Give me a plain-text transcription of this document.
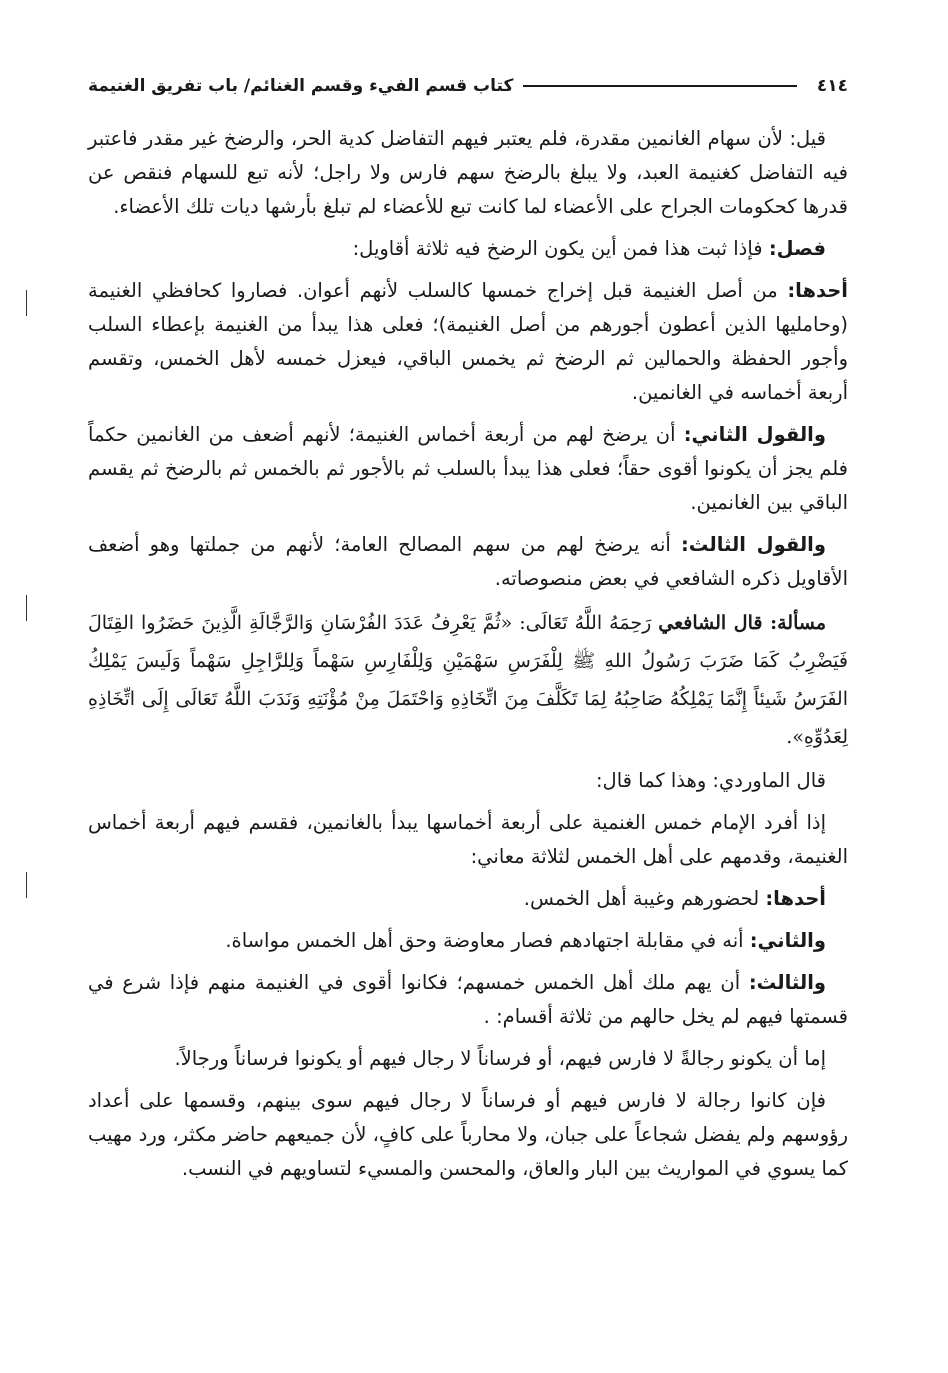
٤١٤
كتاب قسم الفيء وقسم الغنائم/ باب تفريق الغنيمة

قيل: لأن سهام الغانمين مقدرة، فلم يعتبر فيهم التفاضل كدية الحر، والرضخ غير مقدر فاعتبر فيه التفاضل كغنيمة العبد، ولا يبلغ بالرضخ سهم فارس ولا راجل؛ لأنه تبع للسهام فنقص عن قدرها كحكومات الجراح على الأعضاء لما كانت تبع للأعضاء لم تبلغ بأرشها ديات تلك الأعضاء.

فصل: فإذا ثبت هذا فمن أين يكون الرضخ فيه ثلاثة أقاويل:

أحدها: من أصل الغنيمة قبل إخراج خمسها كالسلب لأنهم أعوان. فصاروا كحافظي الغنيمة (وحامليها الذين أعطون أجورهم من أصل الغنيمة)؛ فعلى هذا يبدأ من الغنيمة بإعطاء السلب وأجور الحفظة والحمالين ثم الرضخ ثم يخمس الباقي، فيعزل خمسه لأهل الخمس، وتقسم أربعة أخماسه في الغانمين.

والقول الثاني: أن يرضخ لهم من أربعة أخماس الغنيمة؛ لأنهم أضعف من الغانمين حكماً فلم يجز أن يكونوا أقوى حقاً؛ فعلى هذا يبدأ بالسلب ثم بالأجور ثم بالخمس ثم بالرضخ ثم يقسم الباقي بين الغانمين.

والقول الثالث: أنه يرضخ لهم من سهم المصالح العامة؛ لأنهم من جملتها وهو أضعف الأقاويل ذكره الشافعي في بعض منصوصاته.

مسألة: قال الشافعي رَحِمَهُ اللَّهُ تَعَالَى: «ثُمَّ يَعْرِفُ عَدَدَ الفُرْسَانِ وَالرَّجَّالَةِ الَّذِينَ حَضَرُوا القِتَالَ فَيَضْرِبُ كَمَا ضَرَبَ رَسُولُ اللهِ ﷺ لِلْفَرَسِ سَهْمَيْنِ وَلِلْفَارِسِ سَهْماً وَلِلرَّاجِلِ سَهْماً وَلَيسَ يَمْلِكُ الفَرَسُ شَيئاً إِنَّمَا يَمْلِكُهُ صَاحِبُهُ لِمَا تَكَلَّفَ مِنَ اتِّخَاذِهِ وَاحْتَمَلَ مِنْ مُؤْنَتِهِ وَنَدَبَ اللَّهُ تَعَالَى إِلَى اتِّخَاذِهِ لِعَدُوِّهِ».

قال الماوردي: وهذا كما قال:

إذا أفرد الإمام خمس الغنمية على أربعة أخماسها يبدأ بالغانمين، فقسم فيهم أربعة أخماس الغنيمة، وقدمهم على أهل الخمس لثلاثة معاني:

أحدها: لحضورهم وغيبة أهل الخمس.

والثاني: أنه في مقابلة اجتهادهم فصار معاوضة وحق أهل الخمس مواساة.

والثالث: أن يهم ملك أهل الخمس خمسهم؛ فكانوا أقوى في الغنيمة منهم فإذا شرع في قسمتها فيهم لم يخل حالهم من ثلاثة أقسام: .

إما أن يكونو رجالةً لا فارس فيهم، أو فرساناً لا رجال فيهم أو يكونوا فرساناً ورجالاً.

فإن كانوا رجالة لا فارس فيهم أو فرساناً لا رجال فيهم سوى بينهم، وقسمها على أعداد رؤوسهم ولم يفضل شجاعاً على جبان، ولا محارباً على كافٍ، لأن جميعهم حاضر مكثر، ورد مهيب كما يسوي في المواريث بين البار والعاق، والمحسن والمسيء لتساويهم في النسب.
